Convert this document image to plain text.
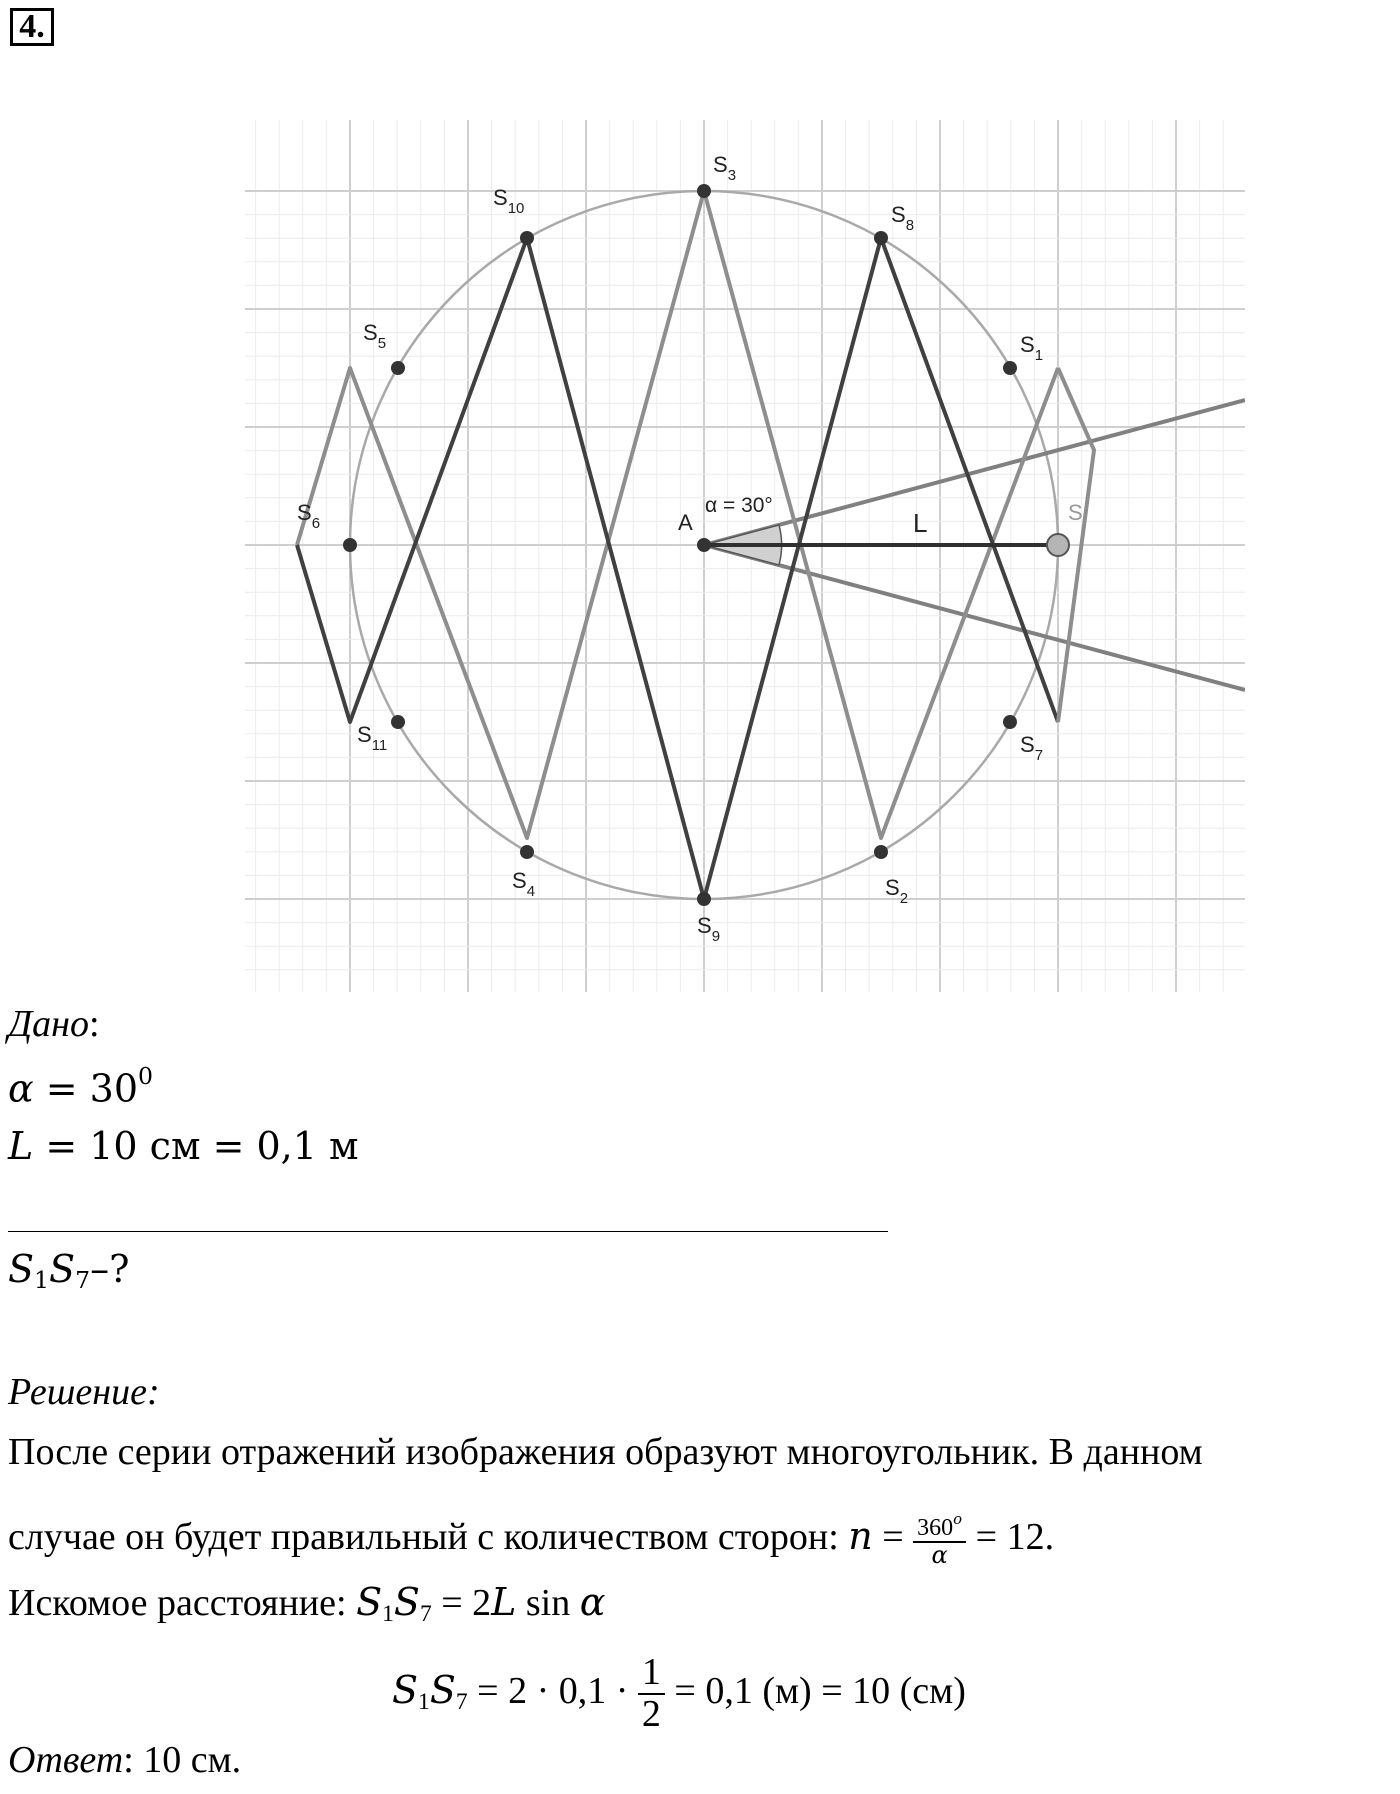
4.
A	S
L
α = 30°
$S_1$
$S_2$
$S_3$
$S_4$
$S_5$
$S_6$
$S_7$
$S_8$
$S_9$
$S_{10}$
$S_{11}$
Дано:
$\alpha = 30^0$
L = 10 см = 0,1 м
$S_1S_7-$?
Решение:
После серии отражений изображения образуют многоугольник. В данном
случае он будет правильный с количеством сторон: $n = \frac{360^o}{\alpha} = 12$.
Искомое расстояние: $S_1S_7 = 2L$ sin α
$S_1S_7 = 2 \cdot 0,1 \cdot \frac{1}{2} = 0,1$ (м) = 10 (см)
Ответ: 10 см.
